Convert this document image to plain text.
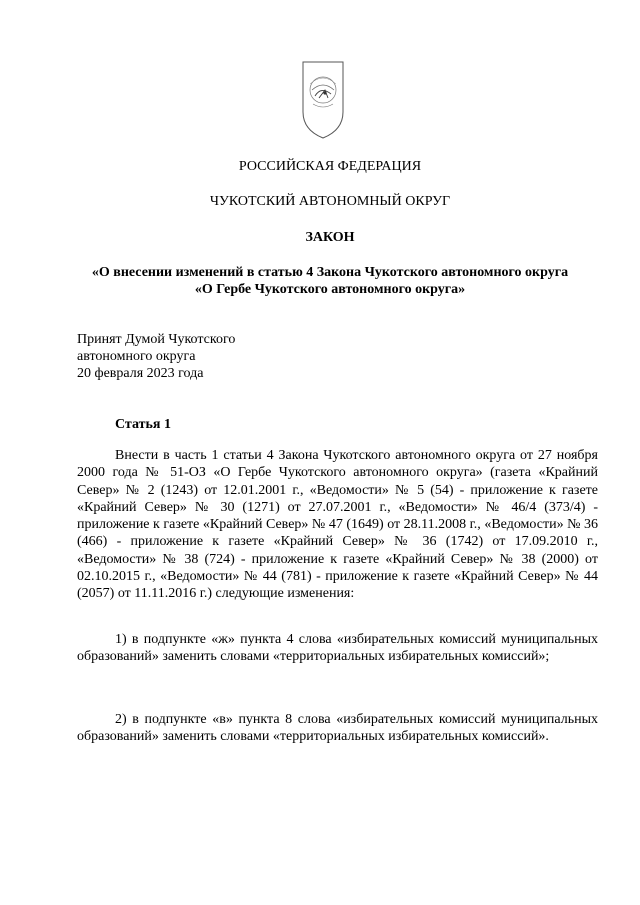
РОССИЙСКАЯ ФЕДЕРАЦИЯ
ЧУКОТСКИЙ АВТОНОМНЫЙ ОКРУГ
ЗАКОН
«О внесении изменений в статью 4 Закона Чукотского автономного округа
«О Гербе Чукотского автономного округа»
Принят Думой Чукотского
автономного округа
20 февраля 2023 года
Статья 1

Внести в часть 1 статьи 4 Закона Чукотского автономного округа от 27 ноября 2000 года № 51-ОЗ «О Гербе Чукотского автономного округа» (газета «Крайний Север» № 2 (1243) от 12.01.2001 г., «Ведомости» № 5 (54) - приложение к газете «Крайний Север» № 30 (1271) от 27.07.2001 г., «Ведомости» № 46/4 (373/4) - приложение к газете «Крайний Север» № 47 (1649) от 28.11.2008 г., «Ведомости» № 36 (466) - приложение к газете «Крайний Север» № 36 (1742) от 17.09.2010 г., «Ведомости» № 38 (724) - приложение к газете «Крайний Север» № 38 (2000) от 02.10.2015 г., «Ведомости» № 44 (781) - приложение к газете «Крайний Север» № 44 (2057) от 11.11.2016 г.) следующие изменения:

1) в подпункте «ж» пункта 4 слова «избирательных комиссий муниципальных образований» заменить словами «территориальных избирательных комиссий»;

2) в подпункте «в» пункта 8 слова «избирательных комиссий муниципальных образований» заменить словами «территориальных избирательных комиссий».
